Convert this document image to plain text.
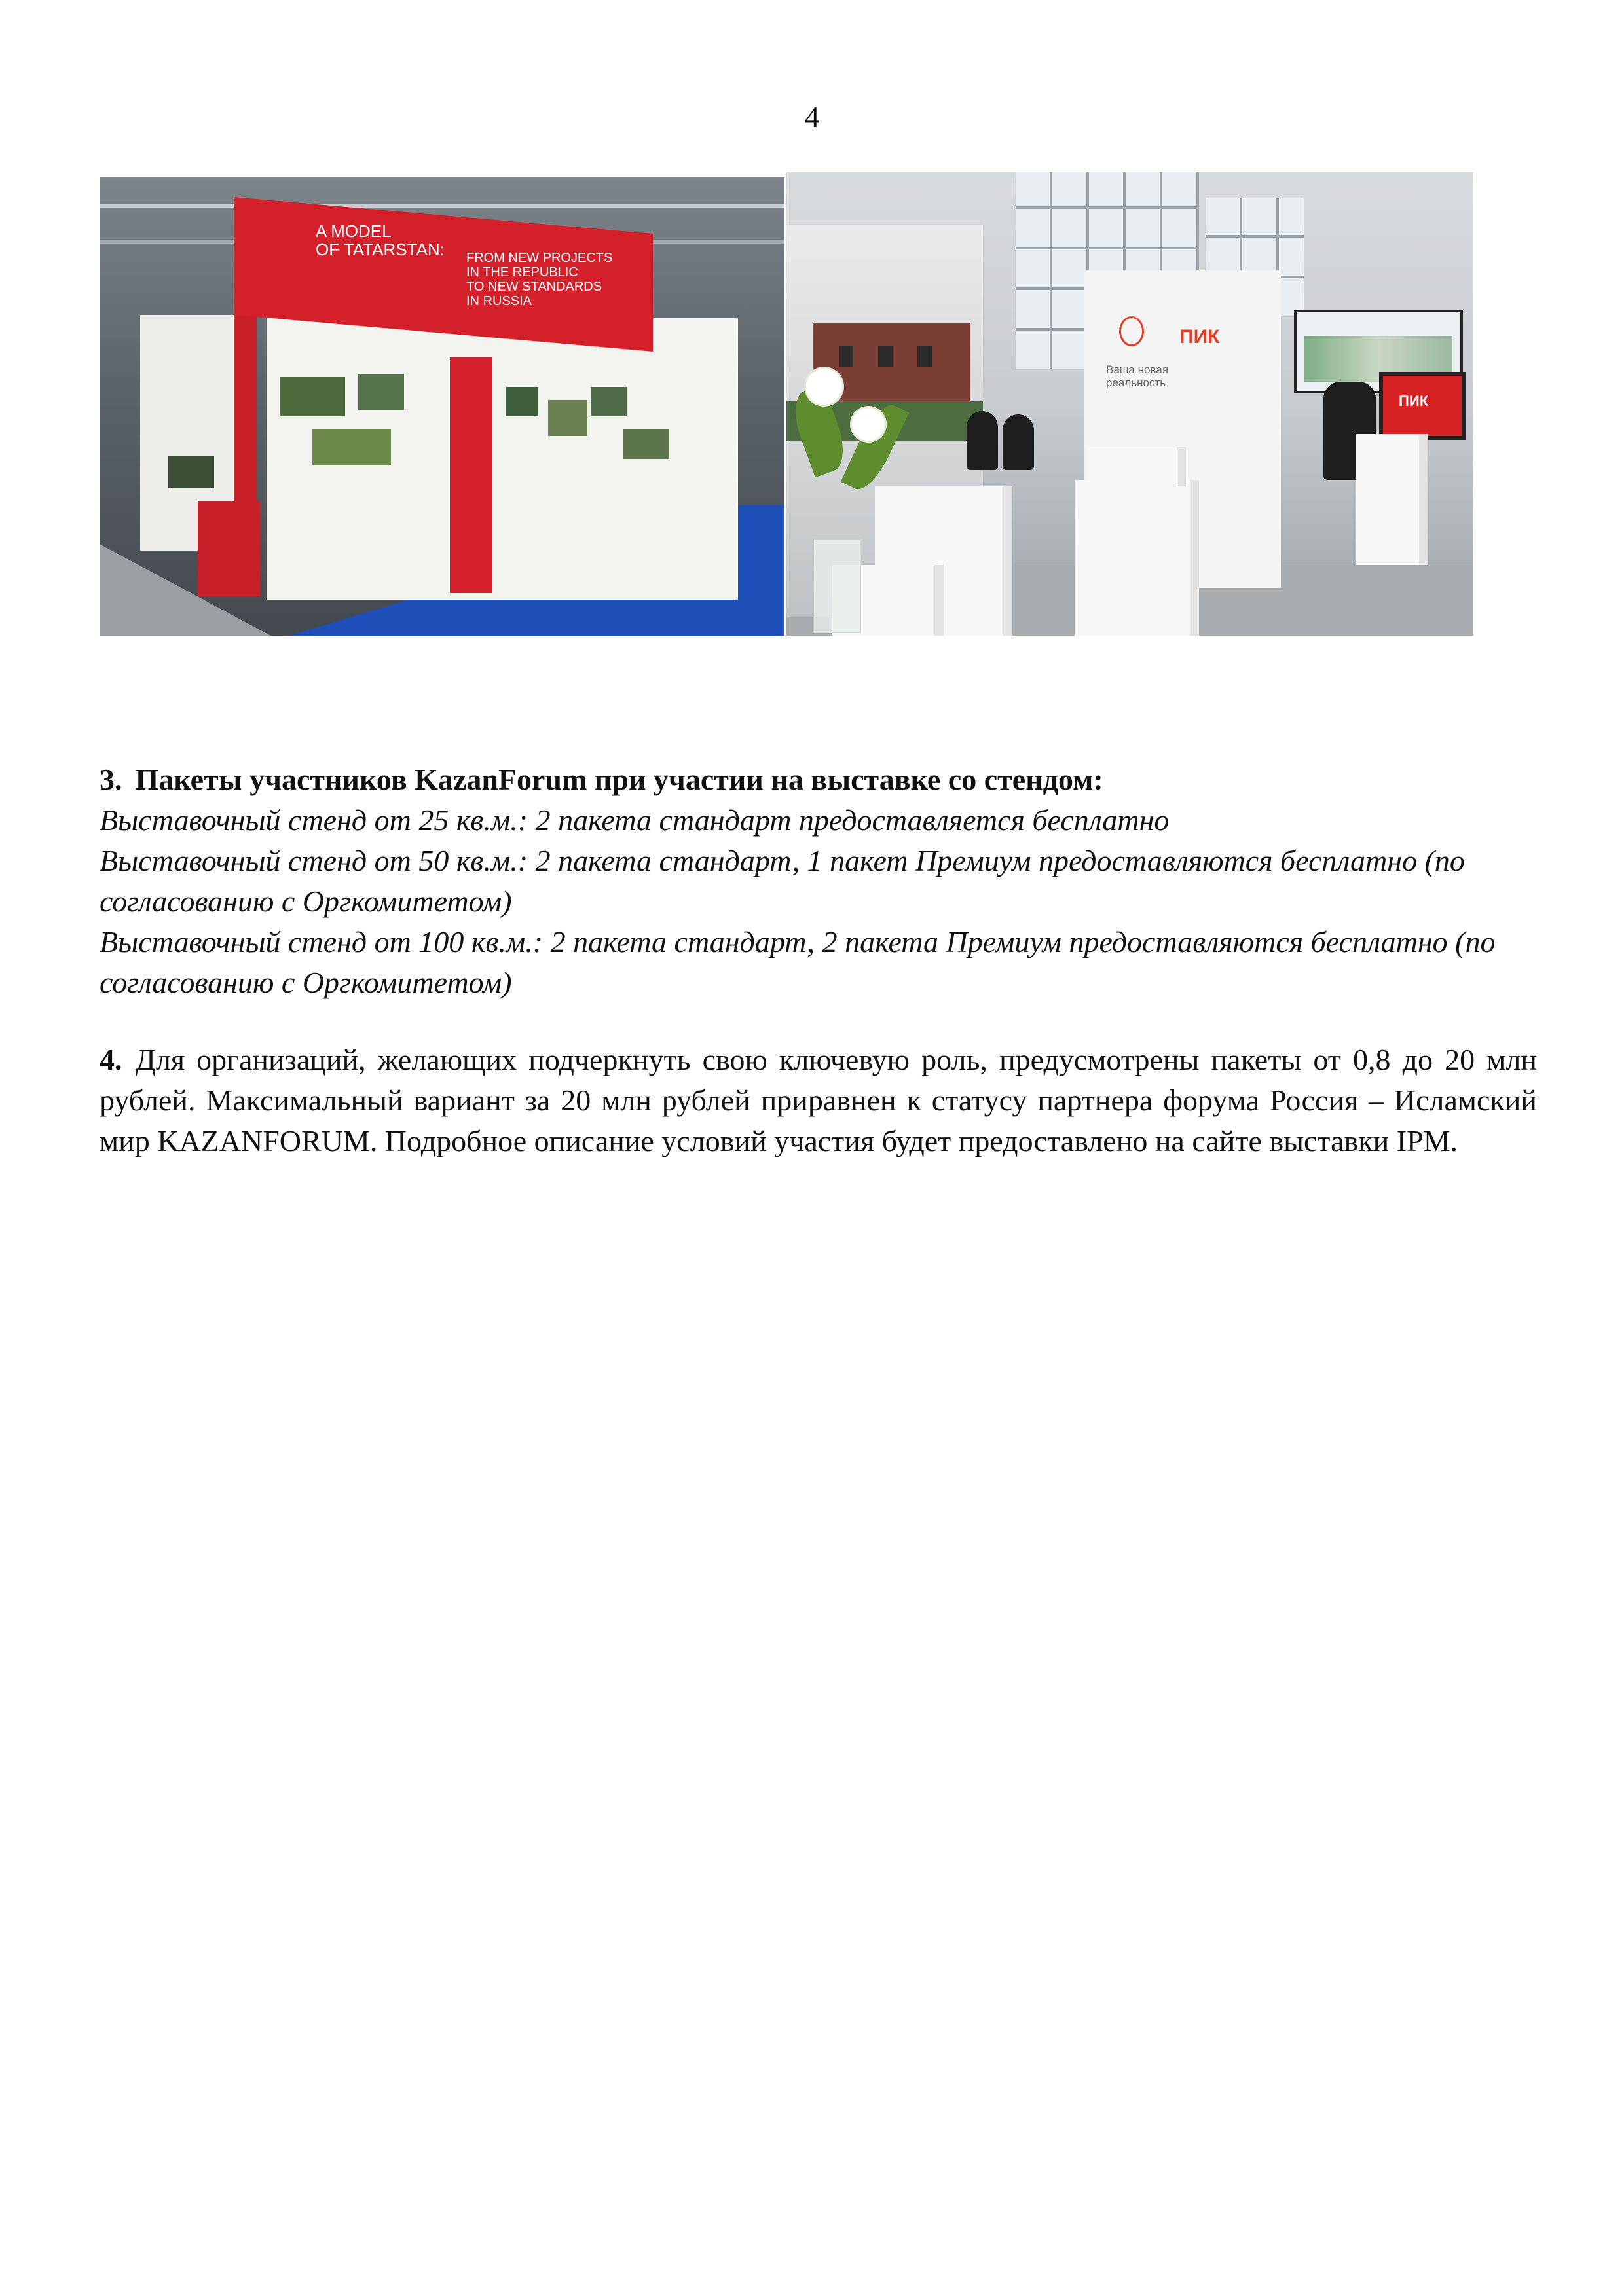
4
A MODEL
OF TATARSTAN: FROM NEW PROJECTS
IN THE REPUBLIC
TO NEW STANDARDS
IN RUSSIA
ПИК
Ваша новая
реальность
ПИК
3. Пакеты участников KazanForum при участии на выставке со стендом:

Выставочный стенд от 25 кв.м.: 2 пакета стандарт предоставляется бесплатно

Выставочный стенд от 50 кв.м.: 2 пакета стандарт, 1 пакет Премиум предоставляются бесплатно (по согласованию с Оргкомитетом)

Выставочный стенд от 100 кв.м.: 2 пакета стандарт, 2 пакета Премиум предоставляются бесплатно (по согласованию с Оргкомитетом)

4. Для организаций, желающих подчеркнуть свою ключевую роль, предусмотрены пакеты от 0,8 до 20 млн рублей. Максимальный вариант за 20 млн рублей приравнен к статусу партнера форума Россия – Исламский мир KAZANFORUM. Подробное описание условий участия будет предоставлено на сайте выставки IPM.
